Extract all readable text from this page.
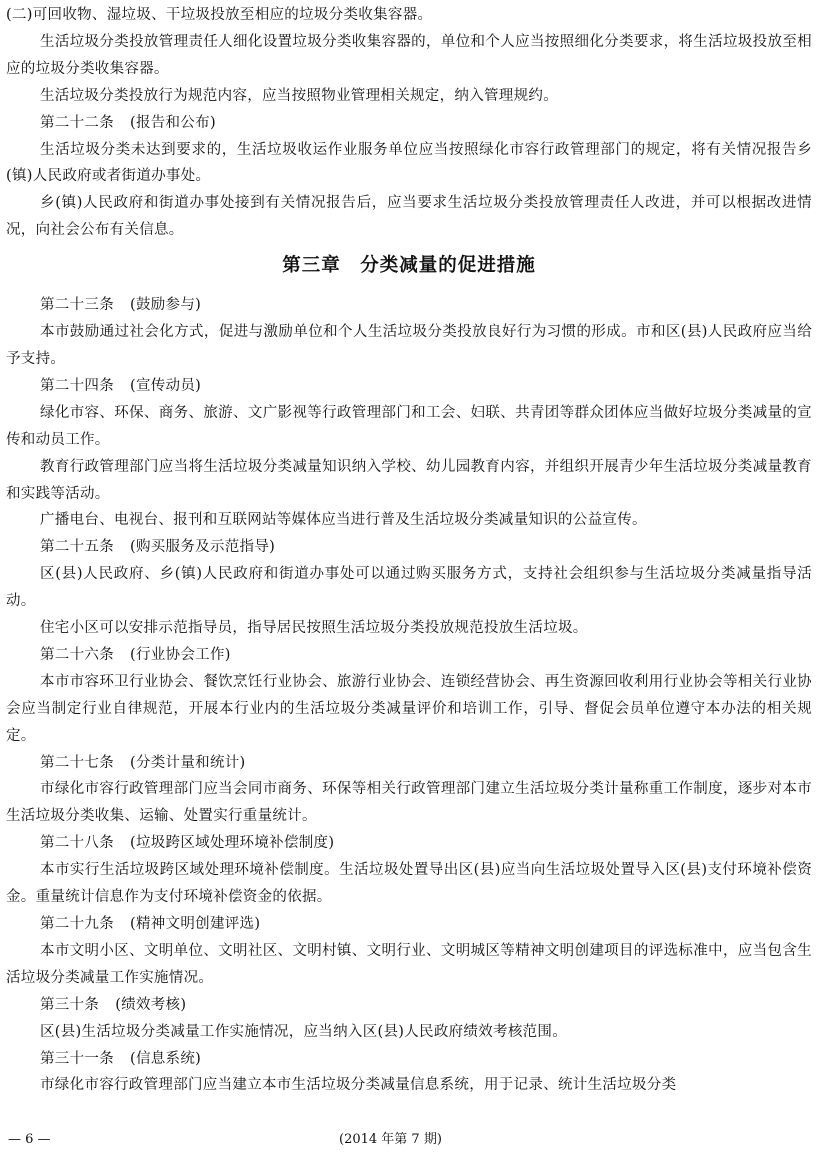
(二)可回收物、湿垃圾、干垃圾投放至相应的垃圾分类收集容器。

生活垃圾分类投放管理责任人细化设置垃圾分类收集容器的，单位和个人应当按照细化分类要求，将生活垃圾投放至相应的垃圾分类收集容器。

生活垃圾分类投放行为规范内容，应当按照物业管理相关规定，纳入管理规约。

第二十二条 (报告和公布)

生活垃圾分类未达到要求的，生活垃圾收运作业服务单位应当按照绿化市容行政管理部门的规定，将有关情况报告乡(镇)人民政府或者街道办事处。

乡(镇)人民政府和街道办事处接到有关情况报告后，应当要求生活垃圾分类投放管理责任人改进，并可以根据改进情况，向社会公布有关信息。

第三章　分类减量的促进措施

第二十三条 (鼓励参与)

本市鼓励通过社会化方式，促进与激励单位和个人生活垃圾分类投放良好行为习惯的形成。市和区(县)人民政府应当给予支持。

第二十四条 (宣传动员)

绿化市容、环保、商务、旅游、文广影视等行政管理部门和工会、妇联、共青团等群众团体应当做好垃圾分类减量的宣传和动员工作。

教育行政管理部门应当将生活垃圾分类减量知识纳入学校、幼儿园教育内容，并组织开展青少年生活垃圾分类减量教育和实践等活动。

广播电台、电视台、报刊和互联网站等媒体应当进行普及生活垃圾分类减量知识的公益宣传。

第二十五条 (购买服务及示范指导)

区(县)人民政府、乡(镇)人民政府和街道办事处可以通过购买服务方式，支持社会组织参与生活垃圾分类减量指导活动。

住宅小区可以安排示范指导员，指导居民按照生活垃圾分类投放规范投放生活垃圾。

第二十六条 (行业协会工作)

本市市容环卫行业协会、餐饮烹饪行业协会、旅游行业协会、连锁经营协会、再生资源回收利用行业协会等相关行业协会应当制定行业自律规范，开展本行业内的生活垃圾分类减量评价和培训工作，引导、督促会员单位遵守本办法的相关规定。

第二十七条 (分类计量和统计)

市绿化市容行政管理部门应当会同市商务、环保等相关行政管理部门建立生活垃圾分类计量称重工作制度，逐步对本市生活垃圾分类收集、运输、处置实行重量统计。

第二十八条 (垃圾跨区域处理环境补偿制度)

本市实行生活垃圾跨区域处理环境补偿制度。生活垃圾处置导出区(县)应当向生活垃圾处置导入区(县)支付环境补偿资金。重量统计信息作为支付环境补偿资金的依据。

第二十九条 (精神文明创建评选)

本市文明小区、文明单位、文明社区、文明村镇、文明行业、文明城区等精神文明创建项目的评选标准中，应当包含生活垃圾分类减量工作实施情况。

第三十条 (绩效考核)

区(县)生活垃圾分类减量工作实施情况，应当纳入区(县)人民政府绩效考核范围。

第三十一条 (信息系统)

市绿化市容行政管理部门应当建立本市生活垃圾分类减量信息系统，用于记录、统计生活垃圾分类

— 6 —	(2014 年第 7 期)
